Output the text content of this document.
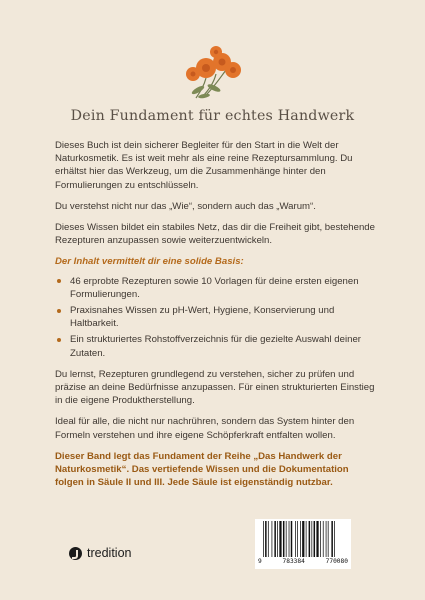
Dein Fundament für echtes Handwerk

Dieses Buch ist dein sicherer Begleiter für den Start in die Welt der Naturkosmetik. Es ist weit mehr als eine reine Rezeptursammlung. Du erhältst hier das Werkzeug, um die Zusammenhänge hinter den Formulierungen zu entschlüsseln.

Du verstehst nicht nur das „Wie“, sondern auch das „Warum“.

Dieses Wissen bildet ein stabiles Netz, das dir die Freiheit gibt, bestehende Rezepturen anzupassen sowie weiterzuentwickeln.

Der Inhalt vermittelt dir eine solide Basis:

46 erprobte Rezepturen sowie 10 Vorlagen für deine ersten eigenen Formulierungen.
Praxisnahes Wissen zu pH-Wert, Hygiene, Konservierung und Haltbarkeit.
Ein strukturiertes Rohstoffverzeichnis für die gezielte Auswahl deiner Zutaten.

Du lernst, Rezepturen grundlegend zu verstehen, sicher zu prüfen und präzise an deine Bedürfnisse anzupassen. Für einen strukturierten Einstieg in die eigene Produktherstellung.

Ideal für alle, die nicht nur nachrühren, sondern das System hinter den Formeln verstehen und ihre eigene Schöpferkraft entfalten wollen.

Dieser Band legt das Fundament der Reihe „Das Handwerk der Naturkosmetik“. Das vertiefende Wissen und die Dokumentation folgen in Säule II und III. Jede Säule ist eigenständig nutzbar.

tredition
9	783384	770080
